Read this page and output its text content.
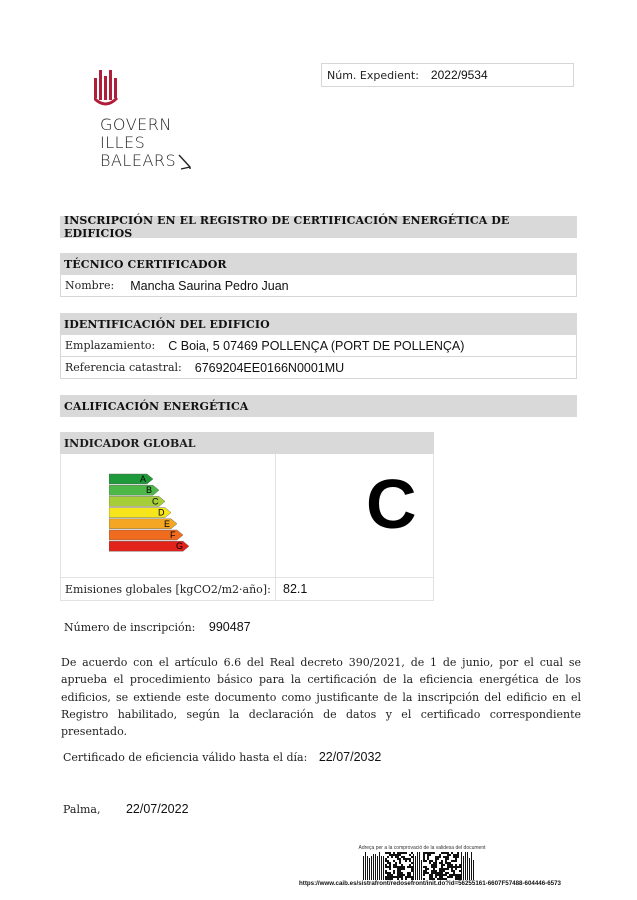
GOVERN
ILLES
BALEARS
Núm. Expedient: 2022/9534
INSCRIPCIÓN EN EL REGISTRO DE CERTIFICACIÓN ENERGÉTICA DE EDIFICIOS
TÉCNICO CERTIFICADOR
Nombre: Mancha Saurina Pedro Juan
IDENTIFICACIÓN DEL EDIFICIO
Emplazamiento: C Boia, 5 07469 POLLENÇA (PORT DE POLLENÇA)
Referencia catastral: 6769204EE0166N0001MU
CALIFICACIÓN ENERGÉTICA
INDICADOR GLOBAL
A
B
C
D
E
F
G
C
Emisiones globales [kgCO2/m2·año]: 82.1
Número de inscripción: 990487
De acuerdo con el artículo 6.6 del Real decreto 390/2021, de 1 de junio, por el cual se aprueba el procedimiento básico para la certificación de la eficiencia energética de los edificios, se extiende este documento como justificante de la inscripción del edificio en el Registro habilitado, según la declaración de datos y el certificado correspondiente presentado.
Certificado de eficiencia válido hasta el día: 22/07/2032
Palma, 22/07/2022
Adreça per a la comprovació de la validesa del document
https://www.caib.es/sistrafront/redosefront/init.do?id=56255161-6607F57488-604446-6573
